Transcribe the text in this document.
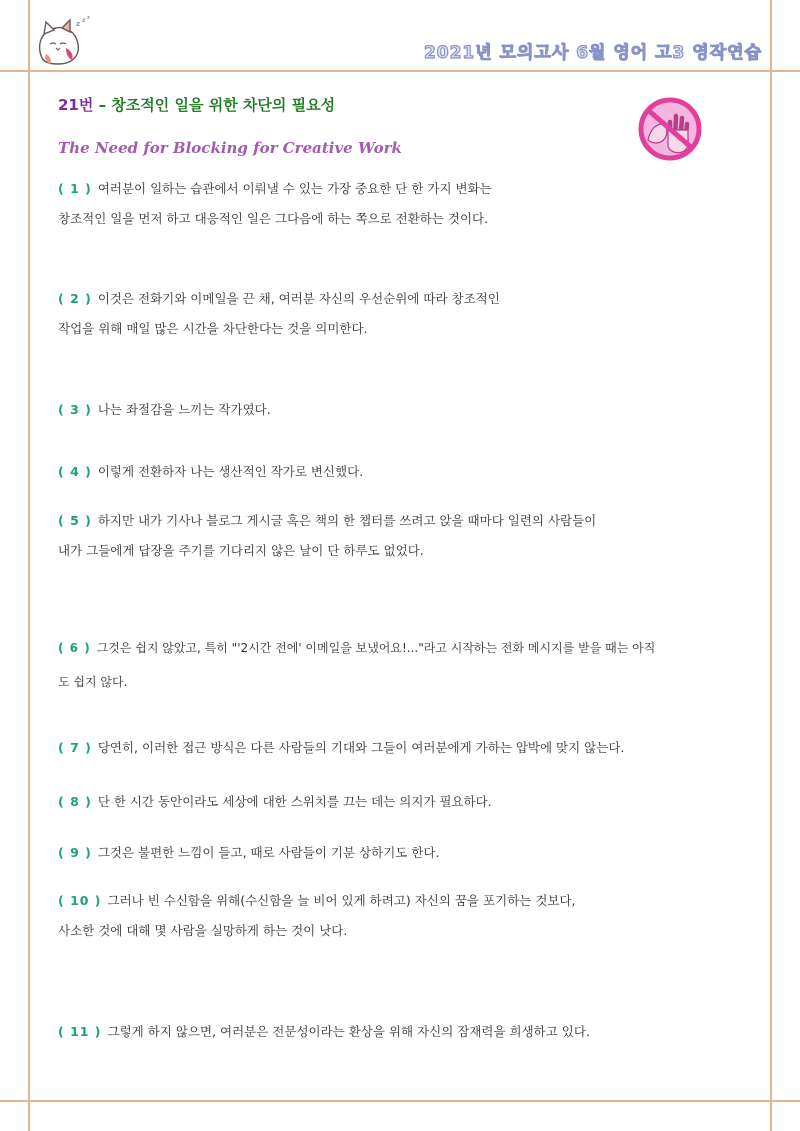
z z z
2021년 모의고사 6월 영어 고3 영작연습
21번 – 창조적인 일을 위한 차단의 필요성
The Need for Blocking for Creative Work
( 1 ) 여러분이 일하는 습관에서 이뤄낼 수 있는 가장 중요한 단 한 가지 변화는
창조적인 일을 먼저 하고 대응적인 일은 그다음에 하는 쪽으로 전환하는 것이다.
( 2 ) 이것은 전화기와 이메일을 끈 채, 여러분 자신의 우선순위에 따라 창조적인
작업을 위해 매일 많은 시간을 차단한다는 것을 의미한다.
( 3 ) 나는 좌절감을 느끼는 작가였다.
( 4 ) 이렇게 전환하자 나는 생산적인 작가로 변신했다.
( 5 ) 하지만 내가 기사나 블로그 게시글 혹은 책의 한 챕터를 쓰려고 앉을 때마다 일련의 사람들이
내가 그들에게 답장을 주기를 기다리지 않은 날이 단 하루도 없었다.
( 6 ) 그것은 쉽지 않았고, 특히 "'2시간 전에' 이메일을 보냈어요!..."라고 시작하는 전화 메시지를 받을 때는 아직
도 쉽지 않다.
( 7 ) 당연히, 이러한 접근 방식은 다른 사람들의 기대와 그들이 여러분에게 가하는 압박에 맞지 않는다.
( 8 ) 단 한 시간 동안이라도 세상에 대한 스위치를 끄는 데는 의지가 필요하다.
( 9 ) 그것은 불편한 느낌이 들고, 때로 사람들이 기분 상하기도 한다.
( 10 ) 그러나 빈 수신함을 위해(수신함을 늘 비어 있게 하려고) 자신의 꿈을 포기하는 것보다,
사소한 것에 대해 몇 사람을 실망하게 하는 것이 낫다.
( 11 ) 그렇게 하지 않으면, 여러분은 전문성이라는 환상을 위해 자신의 잠재력을 희생하고 있다.
